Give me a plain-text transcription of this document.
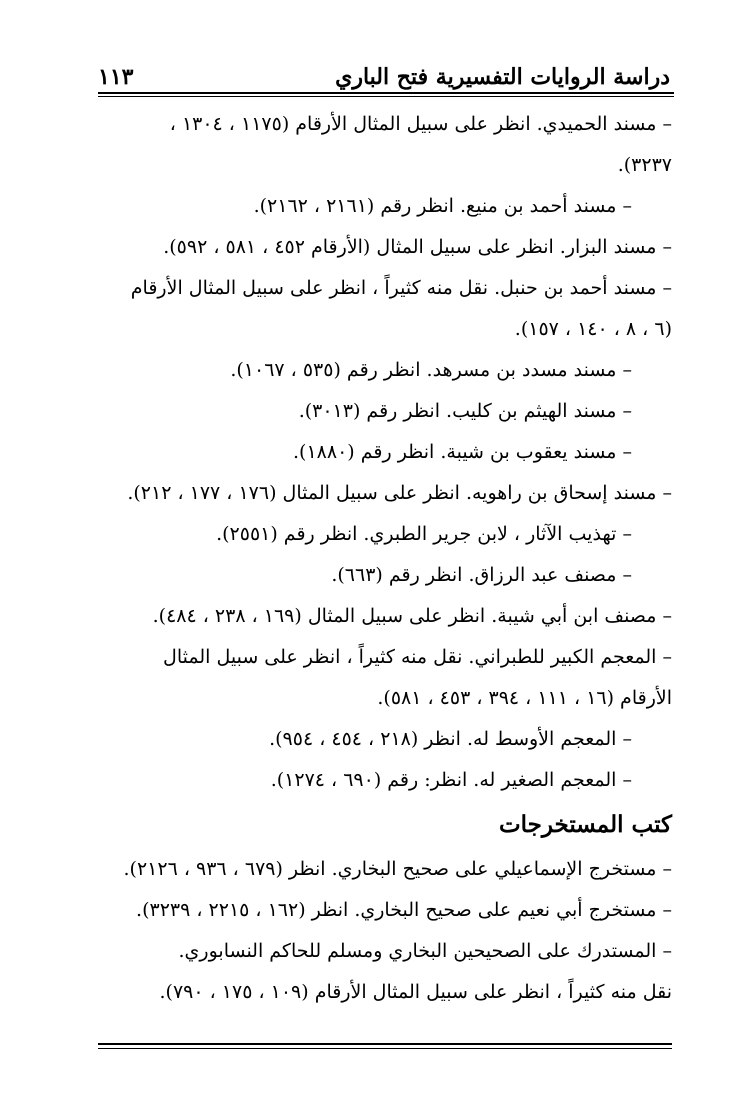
دراسة الروايات التفسيرية فتح الباري
١١٣
– مسند الحميدي. انظر على سبيل المثال الأرقام (١١٧٥ ، ١٣٠٤ ،
٣٢٣٧).
– مسند أحمد بن منيع. انظر رقم (٢١٦١ ، ٢١٦٢).
– مسند البزار. انظر على سبيل المثال (الأرقام ٤٥٢ ، ٥٨١ ، ٥٩٢).
– مسند أحمد بن حنبل. نقل منه كثيراً ، انظر على سبيل المثال الأرقام
(٦ ، ٨ ، ١٤٠ ، ١٥٧).
– مسند مسدد بن مسرهد. انظر رقم (٥٣٥ ، ١٠٦٧).
– مسند الهيثم بن كليب. انظر رقم (٣٠١٣).
– مسند يعقوب بن شيبة. انظر رقم (١٨٨٠).
– مسند إسحاق بن راهويه. انظر على سبيل المثال (١٧٦ ، ١٧٧ ، ٢١٢).
– تهذيب الآثار ، لابن جرير الطبري. انظر رقم (٢٥٥١).
– مصنف عبد الرزاق. انظر رقم (٦٦٣).
– مصنف ابن أبي شيبة. انظر على سبيل المثال (١٦٩ ، ٢٣٨ ، ٤٨٤).
– المعجم الكبير للطبراني. نقل منه كثيراً ، انظر على سبيل المثال
الأرقام (١٦ ، ١١١ ، ٣٩٤ ، ٤٥٣ ، ٥٨١).
– المعجم الأوسط له. انظر (٢١٨ ، ٤٥٤ ، ٩٥٤).
– المعجم الصغير له. انظر: رقم (٦٩٠ ، ١٢٧٤).
كتب المستخرجات
– مستخرج الإسماعيلي على صحيح البخاري. انظر (٦٧٩ ، ٩٣٦ ، ٢١٢٦).
– مستخرج أبي نعيم على صحيح البخاري. انظر (١٦٢ ، ٢٢١٥ ، ٣٢٣٩).
– المستدرك على الصحيحين البخاري ومسلم للحاكم النسابوري.
نقل منه كثيراً ، انظر على سبيل المثال الأرقام (١٠٩ ، ١٧٥ ، ٧٩٠).
